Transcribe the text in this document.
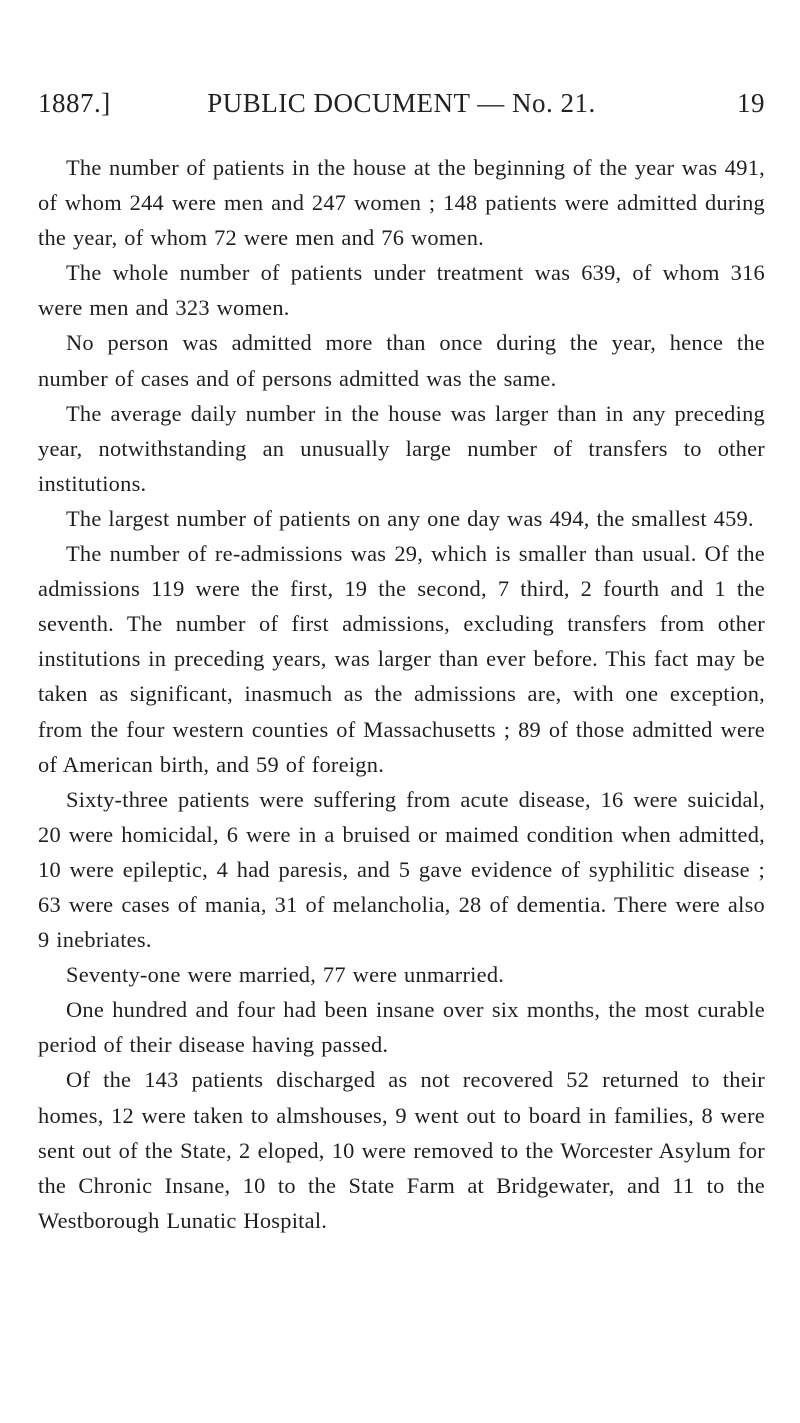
1887.]	PUBLIC DOCUMENT — No. 21.	19

The number of patients in the house at the beginning of the year was 491, of whom 244 were men and 247 women ; 148 patients were admitted during the year, of whom 72 were men and 76 women.

The whole number of patients under treatment was 639, of whom 316 were men and 323 women.

No person was admitted more than once during the year, hence the number of cases and of persons admitted was the same.

The average daily number in the house was larger than in any preceding year, notwithstanding an unusually large number of transfers to other institutions.

The largest number of patients on any one day was 494, the smallest 459.

The number of re-admissions was 29, which is smaller than usual. Of the admissions 119 were the first, 19 the second, 7 third, 2 fourth and 1 the seventh. The number of first admissions, excluding transfers from other institutions in preceding years, was larger than ever before. This fact may be taken as significant, inasmuch as the admissions are, with one exception, from the four western counties of Massachusetts ; 89 of those admitted were of American birth, and 59 of foreign.

Sixty-three patients were suffering from acute disease, 16 were suicidal, 20 were homicidal, 6 were in a bruised or maimed condition when admitted, 10 were epileptic, 4 had paresis, and 5 gave evidence of syphilitic disease ; 63 were cases of mania, 31 of melancholia, 28 of dementia. There were also 9 inebriates.

Seventy-one were married, 77 were unmarried.

One hundred and four had been insane over six months, the most curable period of their disease having passed.

Of the 143 patients discharged as not recovered 52 returned to their homes, 12 were taken to almshouses, 9 went out to board in families, 8 were sent out of the State, 2 eloped, 10 were removed to the Worcester Asylum for the Chronic Insane, 10 to the State Farm at Bridgewater, and 11 to the Westborough Lunatic Hospital.
